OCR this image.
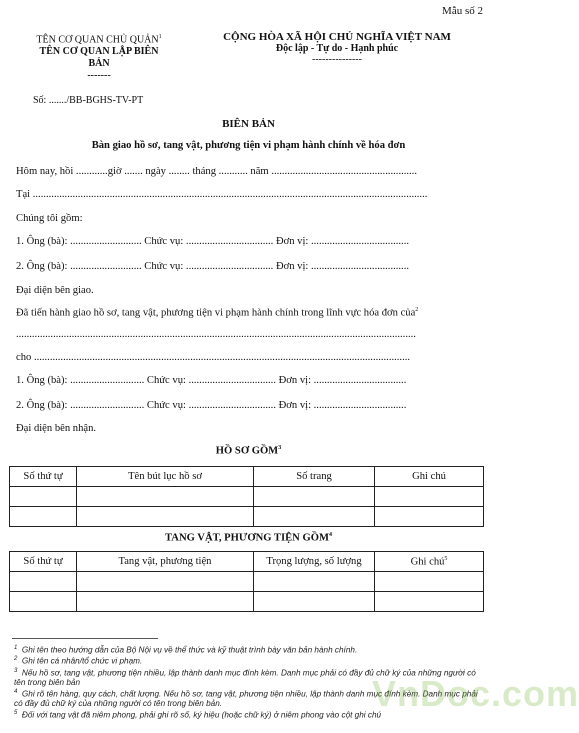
Mẫu số 2
TÊN CƠ QUAN CHỦ QUẢN$^1$
TÊN CƠ QUAN LẬP BIÊN
BẢN
-------
Số: ......./BB-BGHS-TV-PT
CỘNG HÒA XÃ HỘI CHỦ NGHĨA VIỆT NAM
Độc lập - Tự do - Hạnh phúc
---------------
BIÊN BẢN
Bàn giao hồ sơ, tang vật, phương tiện vi phạm hành chính về hóa đơn
Hôm nay, hồi ............giờ ....... ngày ........ tháng ........... năm .......................................................
Tại .....................................................................................................................................................
Chúng tôi gồm:
1. Ông (bà): ........................... Chức vụ: ................................. Đơn vị: .....................................
2. Ông (bà): ........................... Chức vụ: ................................. Đơn vị: .....................................
Đại diện bên giao.
Đã tiến hành giao hồ sơ, tang vật, phương tiện vi phạm hành chính trong lĩnh vực hóa đơn của$^2$
.......................................................................................................................................................
cho ..............................................................................................................................................
1. Ông (bà): ............................ Chức vụ: ................................. Đơn vị: ...................................
2. Ông (bà): ............................ Chức vụ: ................................. Đơn vị: ...................................
Đại diện bên nhận.
HỒ SƠ GỒM$^3$
Số thứ tự	Tên bút lục hồ sơ	Số trang	Ghi chú

TANG VẬT, PHƯƠNG TIỆN GỒM$^4$
Số thứ tự	Tang vật, phương tiện	Trọng lượng, số lượng	Ghi chú$^5$

$^1$ Ghi tên theo hướng dẫn của Bộ Nội vụ về thể thức và kỹ thuật trình bày văn bản hành chính.
$^2$ Ghi tên cá nhân/tổ chức vi phạm.
$^3$ Nếu hồ sơ, tang vật, phương tiện nhiều, lập thành danh mục đính kèm. Danh mục phải có đầy đủ chữ ký của những người có tên trong biên bản
$^4$ Ghi rõ tên hàng, quy cách, chất lượng. Nếu hồ sơ, tang vật, phương tiện nhiều, lập thành danh mục đính kèm. Danh mục phải có đầy đủ chữ ký của những người có tên trong biên bản.
$^5$ Đối với tang vật đã niêm phong, phải ghi rõ số, ký hiệu (hoặc chữ ký) ở niêm phong vào cột ghi chú
VnDoc.com
